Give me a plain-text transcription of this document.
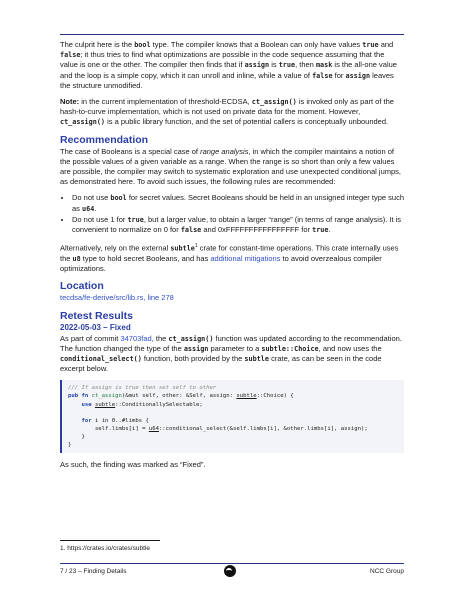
The culprit here is the bool type. The compiler knows that a Boolean can only have values true and false; it thus tries to find what optimizations are possible in the code sequence assuming that the value is one or the other. The compiler then finds that if assign is true, then mask is the all-one value and the loop is a simple copy, which it can unroll and inline, while a value of false for assign leaves the structure unmodified.

Note: in the current implementation of threshold-ECDSA, ct_assign() is invoked only as part of the hash-to-curve implementation, which is not used on private data for the moment. However, ct_assign() is a public library function, and the set of potential callers is conceptually unbounded.

Recommendation

The case of Booleans is a special case of range analysis, in which the compiler maintains a notion of the possible values of a given variable as a range. When the range is so short than only a few values are possible, the compiler may switch to systematic exploration and use unexpected conditional jumps, as demonstrated here. To avoid such issues, the following rules are recommended:

• Do not use bool for secret values. Secret Booleans should be held in an unsigned integer type such as u64.
• Do not use 1 for true, but a larger value, to obtain a larger “range” (in terms of range analysis). It is convenient to normalize on 0 for false and 0xFFFFFFFFFFFFFFFF for true.

Alternatively, rely on the external subtle$^1$ crate for constant-time operations. This crate internally uses the u8 type to hold secret Booleans, and has additional mitigations to avoid overzealous compiler optimizations.

Location

tecdsa/fe-derive/src/lib.rs, line 278

Retest Results
2022-05-03 – Fixed

As part of commit 34703fad, the ct_assign() function was updated according to the recommendation. The function changed the type of the assign parameter to a subtle::Choice, and now uses the conditional_select() function, both provided by the subtle crate, as can be seen in the code excerpt below.

/// If assign is true then set self to other
pub fn ct_assign(&mut self, other: &Self, assign: subtle::Choice) {
use subtle::ConditionallySelectable;

for i in 0..#limbs {
self.limbs[i] = u64::conditional_select(&self.limbs[i], &other.limbs[i], assign);
}
}

As such, the finding was marked as “Fixed”.

1. https://crates.io/crates/subtle
7 / 23 – Finding Details	NCC Group
